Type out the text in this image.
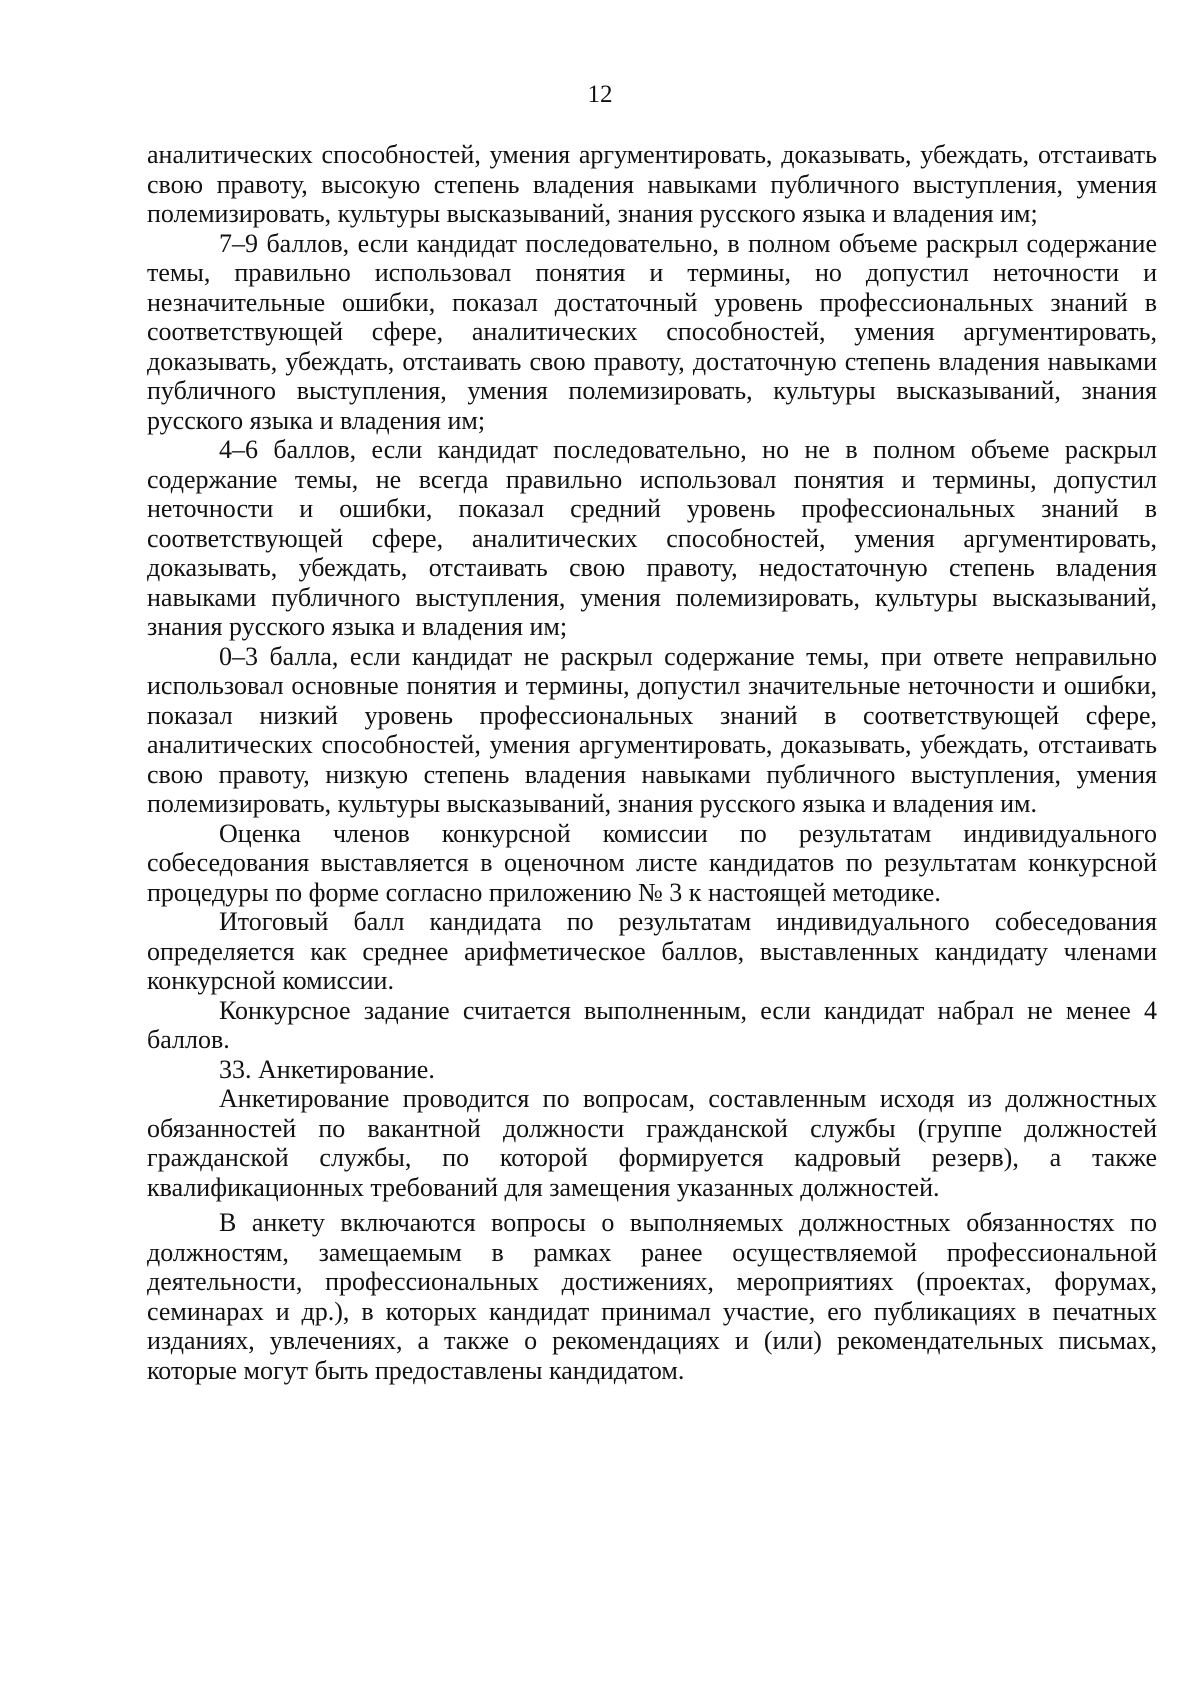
12

аналитических способностей, умения аргументировать, доказывать, убеждать, отстаивать свою правоту, высокую степень владения навыками публичного выступления, умения полемизировать, культуры высказываний, знания русского языка и владения им;

7–9 баллов, если кандидат последовательно, в полном объеме раскрыл содержание темы, правильно использовал понятия и термины, но допустил неточности и незначительные ошибки, показал достаточный уровень профессиональных знаний в соответствующей сфере, аналитических способностей, умения аргументировать, доказывать, убеждать, отстаивать свою правоту, достаточную степень владения навыками публичного выступления, умения полемизировать, культуры высказываний, знания русского языка и владения им;

4–6 баллов, если кандидат последовательно, но не в полном объеме раскрыл содержание темы, не всегда правильно использовал понятия и термины, допустил неточности и ошибки, показал средний уровень профессиональных знаний в соответствующей сфере, аналитических способностей, умения аргументировать, доказывать, убеждать, отстаивать свою правоту, недостаточную степень владения навыками публичного выступления, умения полемизировать, культуры высказываний, знания русского языка и владения им;

0–3 балла, если кандидат не раскрыл содержание темы, при ответе неправильно использовал основные понятия и термины, допустил значительные неточности и ошибки, показал низкий уровень профессиональных знаний в соответствующей сфере, аналитических способностей, умения аргументировать, доказывать, убеждать, отстаивать свою правоту, низкую степень владения навыками публичного выступления, умения полемизировать, культуры высказываний, знания русского языка и владения им.

Оценка членов конкурсной комиссии по результатам индивидуального собеседования выставляется в оценочном листе кандидатов по результатам конкурсной процедуры по форме согласно приложению № 3 к настоящей методике.

Итоговый балл кандидата по результатам индивидуального собеседования определяется как среднее арифметическое баллов, выставленных кандидату членами конкурсной комиссии.

Конкурсное задание считается выполненным, если кандидат набрал не менее 4 баллов.

33. Анкетирование.

Анкетирование проводится по вопросам, составленным исходя из должностных обязанностей по вакантной должности гражданской службы (группе должностей гражданской службы, по которой формируется кадровый резерв), а также квалификационных требований для замещения указанных должностей.

В анкету включаются вопросы о выполняемых должностных обязанностях по должностям, замещаемым в рамках ранее осуществляемой профессиональной деятельности, профессиональных достижениях, мероприятиях (проектах, форумах, семинарах и др.), в которых кандидат принимал участие, его публикациях в печатных изданиях, увлечениях, а также о рекомендациях и (или) рекомендательных письмах, которые могут быть предоставлены кандидатом.
